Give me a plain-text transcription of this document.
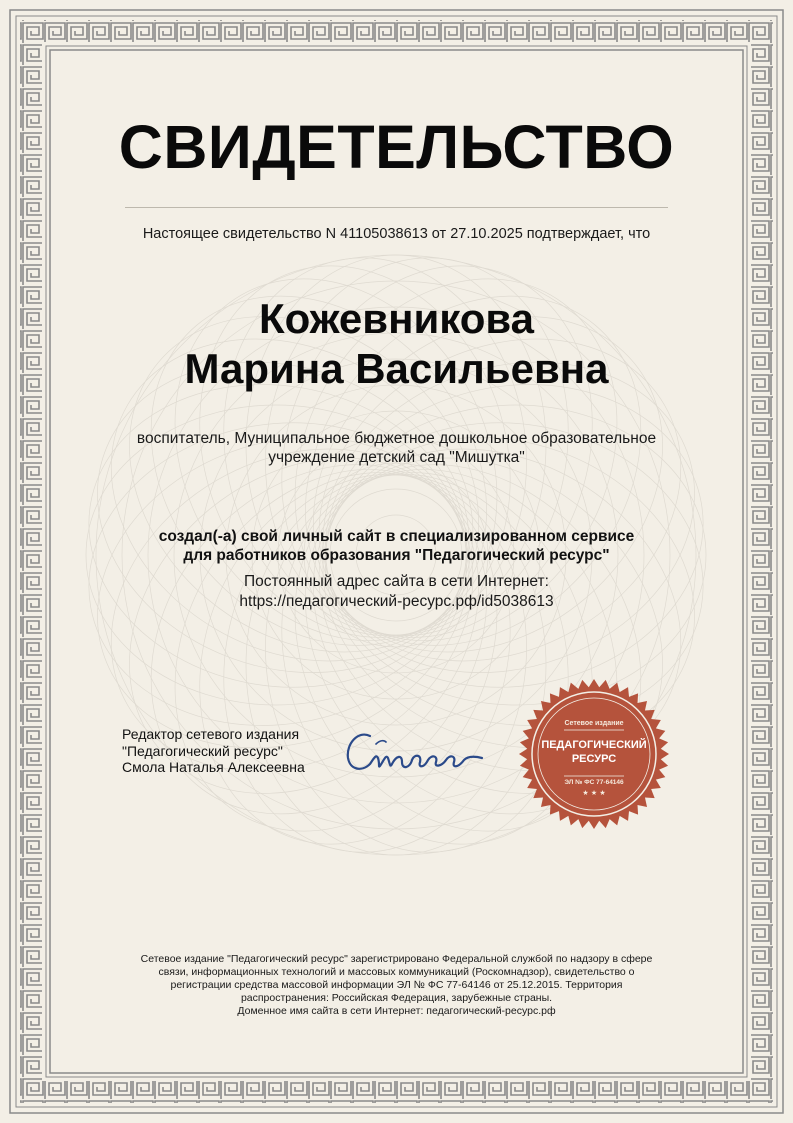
СВИДЕТЕЛЬСТВО
Настоящее свидетельство N 41105038613 от 27.10.2025 подтверждает, что
Кожевникова
Марина Васильевна
воспитатель, Муниципальное бюджетное дошкольное образовательное
учреждение детский сад "Мишутка"
создал(-а) свой личный сайт в специализированном сервисе
для работников образования "Педагогический ресурс"
Постоянный адрес сайта в сети Интернет:
https://педагогический-ресурс.рф/id5038613
Редактор сетевого издания
"Педагогический ресурс"
Смола Наталья Алексеевна
Сетевое издание
ПЕДАГОГИЧЕСКИЙ
РЕСУРС
ЭЛ № ФС 77-64146
★ ★ ★
Сетевое издание "Педагогический ресурс" зарегистрировано Федеральной службой по надзору в сфере
связи, информационных технологий и массовых коммуникаций (Роскомнадзор), свидетельство о
регистрации средства массовой информации ЭЛ № ФС 77-64146 от 25.12.2015. Территория
распространения: Российская Федерация, зарубежные страны.
Доменное имя сайта в сети Интернет: педагогический-ресурс.рф
